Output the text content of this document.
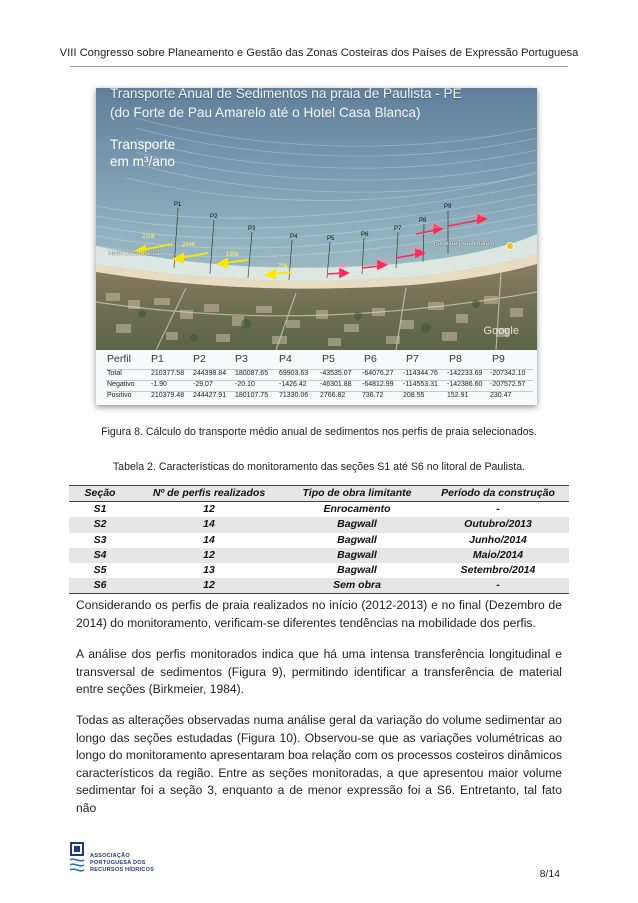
VIII Congresso sobre Planeamento e Gestão das Zonas Costeiras dos Países de Expressão Portuguesa
Transporte Anual de Sedimentos na praia de Paulista - PE
(do Forte de Pau Amarelo até o Hotel Casa Blanca)
Transporte
em m³/ano
P1
P2
P3
P4	P5
P6
P7
P8
P9
210k
244k
180k
70k	-44k
-64k
-114k
-142k
-207k
Hotel Casa Blanca
Forte de Pau Amarelo
Google
Perfil P1	P2	P3	P4	P5	P6	P7	P8	P9
Total	210377.58 244398.84 180087.65 69903.63 -43535.07 -64076.27 -114344.76 -142233.69 -207342.10
Negativo -1.90	-29.07	-20.10	-1426.42 -46301.88 -64812.99 -114553.31 -142386.60 -207572.57
Positivo	210379.48 244427.91 180107.75 71330.06 2766.82 736.72	208.55	152.91	230.47
Figura 8. Cálculo do transporte médio anual de sedimentos nos perfis de praia selecionados.
Tabela 2. Características do monitoramento das seções S1 até S6 no litoral de Paulista.
Seção	Nº de perfis realizados	Tipo de obra limitante	Período da construção
S1	12	Enrocamento	-
S2	14	Bagwall	Outubro/2013
S3	14	Bagwall	Junho/2014
S4	12	Bagwall	Maio/2014
S5	13	Bagwall	Setembro/2014
S6	12	Sem obra	-

Considerando os perfis de praia realizados no início (2012-2013) e no final (Dezembro de 2014) do monitoramento, verificam-se diferentes tendências na mobilidade dos perfis.

A análise dos perfis monitorados indica que há uma intensa transferência longitudinal e transversal de sedimentos (Figura 9), permitindo identificar a transferência de material entre seções (Birkmeier, 1984).

Todas as alterações observadas numa análise geral da variação do volume sedimentar ao longo das seções estudadas (Figura 10). Observou-se que as variações volumétricas ao longo do monitoramento apresentaram boa relação com os processos costeiros dinâmicos característicos da região. Entre as seções monitoradas, a que apresentou maior volume sedimentar foi a seção 3, enquanto a de menor expressão foi a S6. Entretanto, tal fato não

ASSOCIAÇÃO
PORTUGUESA DOS
RECURSOS HÍDRICOS	8/14
